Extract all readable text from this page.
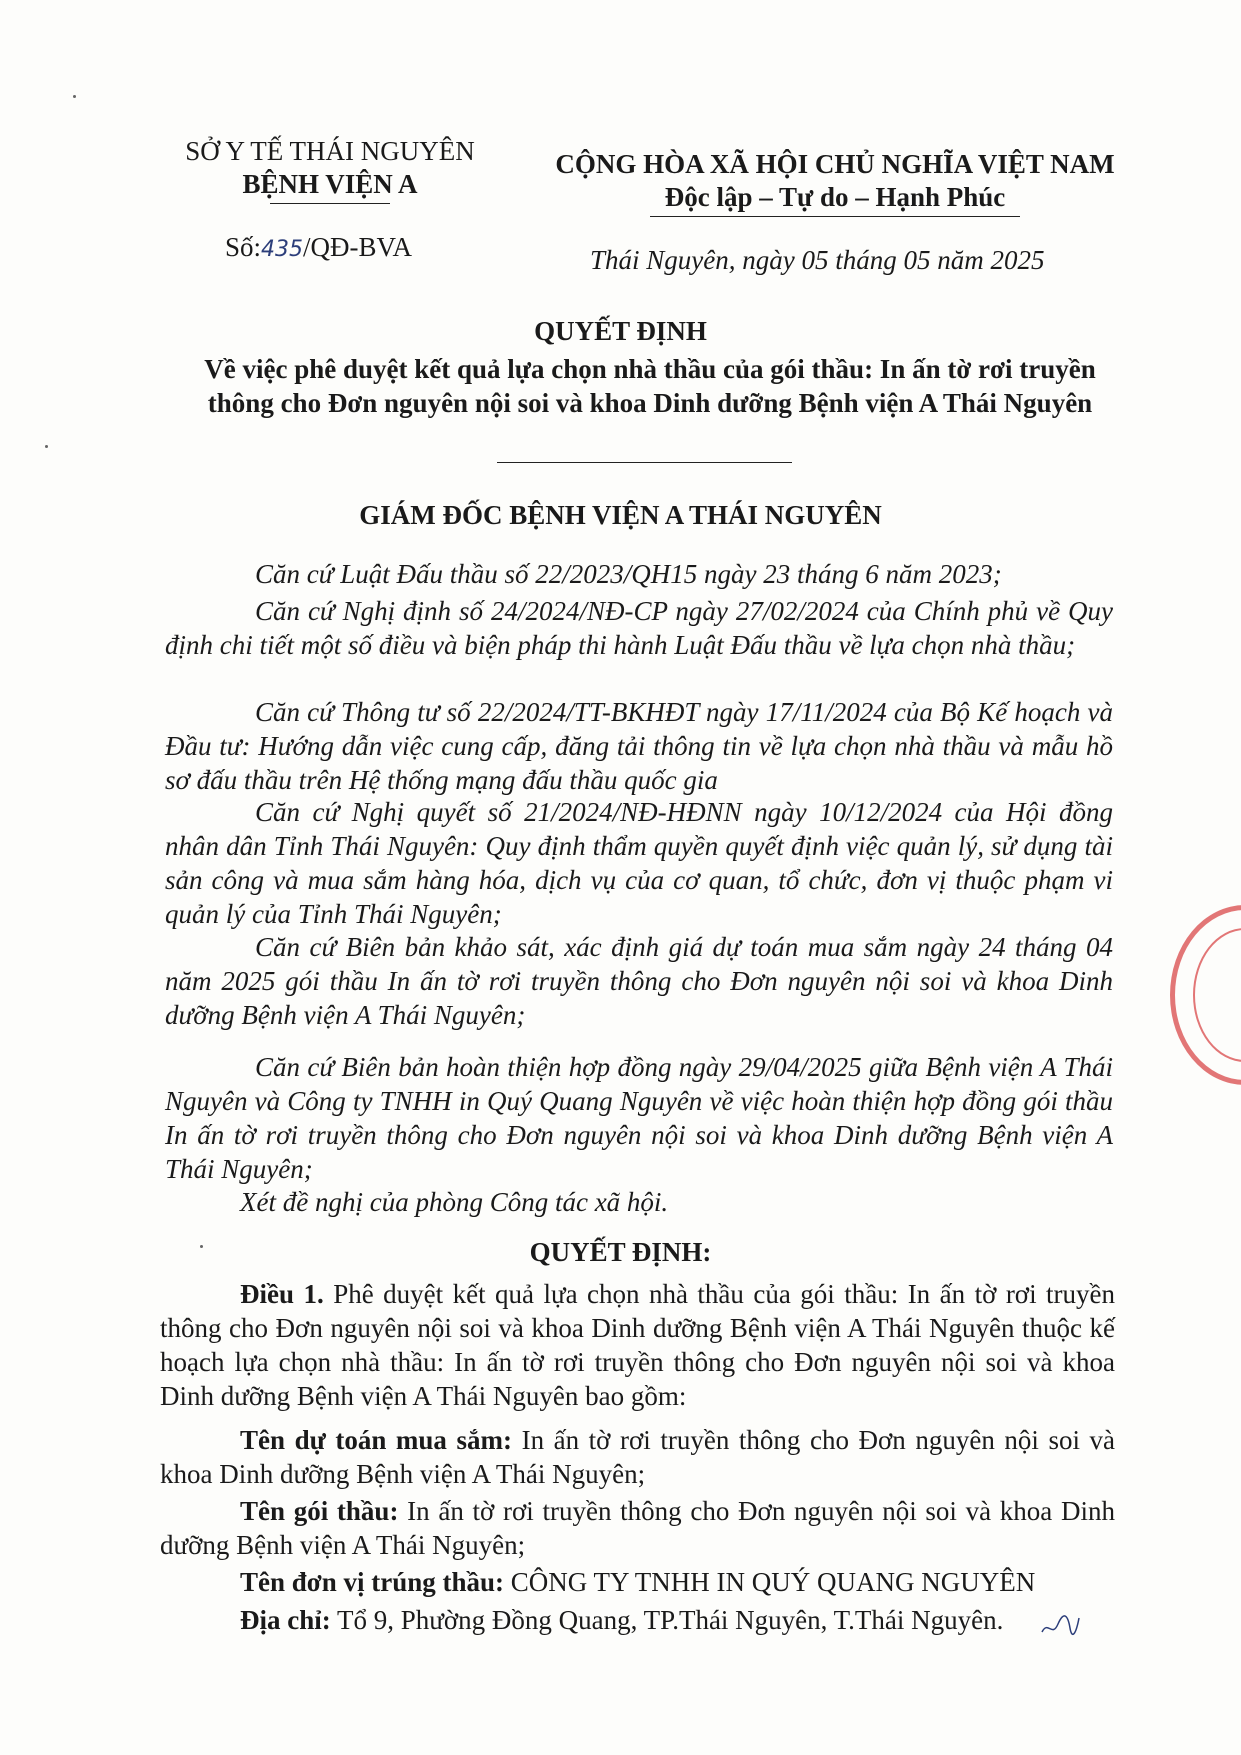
SỞ Y TẾ THÁI NGUYÊN
BỆNH VIỆN A
CỘNG HÒA XÃ HỘI CHỦ NGHĨA VIỆT NAM
Độc lập – Tự do – Hạnh Phúc
Số:435/QĐ-BVA	Thái Nguyên, ngày 05 tháng 05 năm 2025
QUYẾT ĐỊNH
Về việc phê duyệt kết quả lựa chọn nhà thầu của gói thầu: In ấn tờ rơi truyền thông cho Đơn nguyên nội soi và khoa Dinh dưỡng Bệnh viện A Thái Nguyên
GIÁM ĐỐC BỆNH VIỆN A THÁI NGUYÊN
Căn cứ Luật Đấu thầu số 22/2023/QH15 ngày 23 tháng 6 năm 2023;
Căn cứ Nghị định số 24/2024/NĐ-CP ngày 27/02/2024 của Chính phủ về Quy định chi tiết một số điều và biện pháp thi hành Luật Đấu thầu về lựa chọn nhà thầu;
Căn cứ Thông tư số 22/2024/TT-BKHĐT ngày 17/11/2024 của Bộ Kế hoạch và Đầu tư: Hướng dẫn việc cung cấp, đăng tải thông tin về lựa chọn nhà thầu và mẫu hồ sơ đấu thầu trên Hệ thống mạng đấu thầu quốc gia
Căn cứ Nghị quyết số 21/2024/NĐ-HĐNN ngày 10/12/2024 của Hội đồng nhân dân Tỉnh Thái Nguyên: Quy định thẩm quyền quyết định việc quản lý, sử dụng tài sản công và mua sắm hàng hóa, dịch vụ của cơ quan, tổ chức, đơn vị thuộc phạm vi quản lý của Tỉnh Thái Nguyên;
Căn cứ Biên bản khảo sát, xác định giá dự toán mua sắm ngày 24 tháng 04 năm 2025 gói thầu In ấn tờ rơi truyền thông cho Đơn nguyên nội soi và khoa Dinh dưỡng Bệnh viện A Thái Nguyên;
Căn cứ Biên bản hoàn thiện hợp đồng ngày 29/04/2025 giữa Bệnh viện A Thái Nguyên và Công ty TNHH in Quý Quang Nguyên về việc hoàn thiện hợp đồng gói thầu In ấn tờ rơi truyền thông cho Đơn nguyên nội soi và khoa Dinh dưỡng Bệnh viện A Thái Nguyên;
Xét đề nghị của phòng Công tác xã hội.
QUYẾT ĐỊNH:
Điều 1. Phê duyệt kết quả lựa chọn nhà thầu của gói thầu: In ấn tờ rơi truyền thông cho Đơn nguyên nội soi và khoa Dinh dưỡng Bệnh viện A Thái Nguyên thuộc kế hoạch lựa chọn nhà thầu: In ấn tờ rơi truyền thông cho Đơn nguyên nội soi và khoa Dinh dưỡng Bệnh viện A Thái Nguyên bao gồm:
Tên dự toán mua sắm: In ấn tờ rơi truyền thông cho Đơn nguyên nội soi và khoa Dinh dưỡng Bệnh viện A Thái Nguyên;
Tên gói thầu: In ấn tờ rơi truyền thông cho Đơn nguyên nội soi và khoa Dinh dưỡng Bệnh viện A Thái Nguyên;
Tên đơn vị trúng thầu: CÔNG TY TNHH IN QUÝ QUANG NGUYÊN
Địa chỉ: Tổ 9, Phường Đồng Quang, TP.Thái Nguyên, T.Thái Nguyên.
